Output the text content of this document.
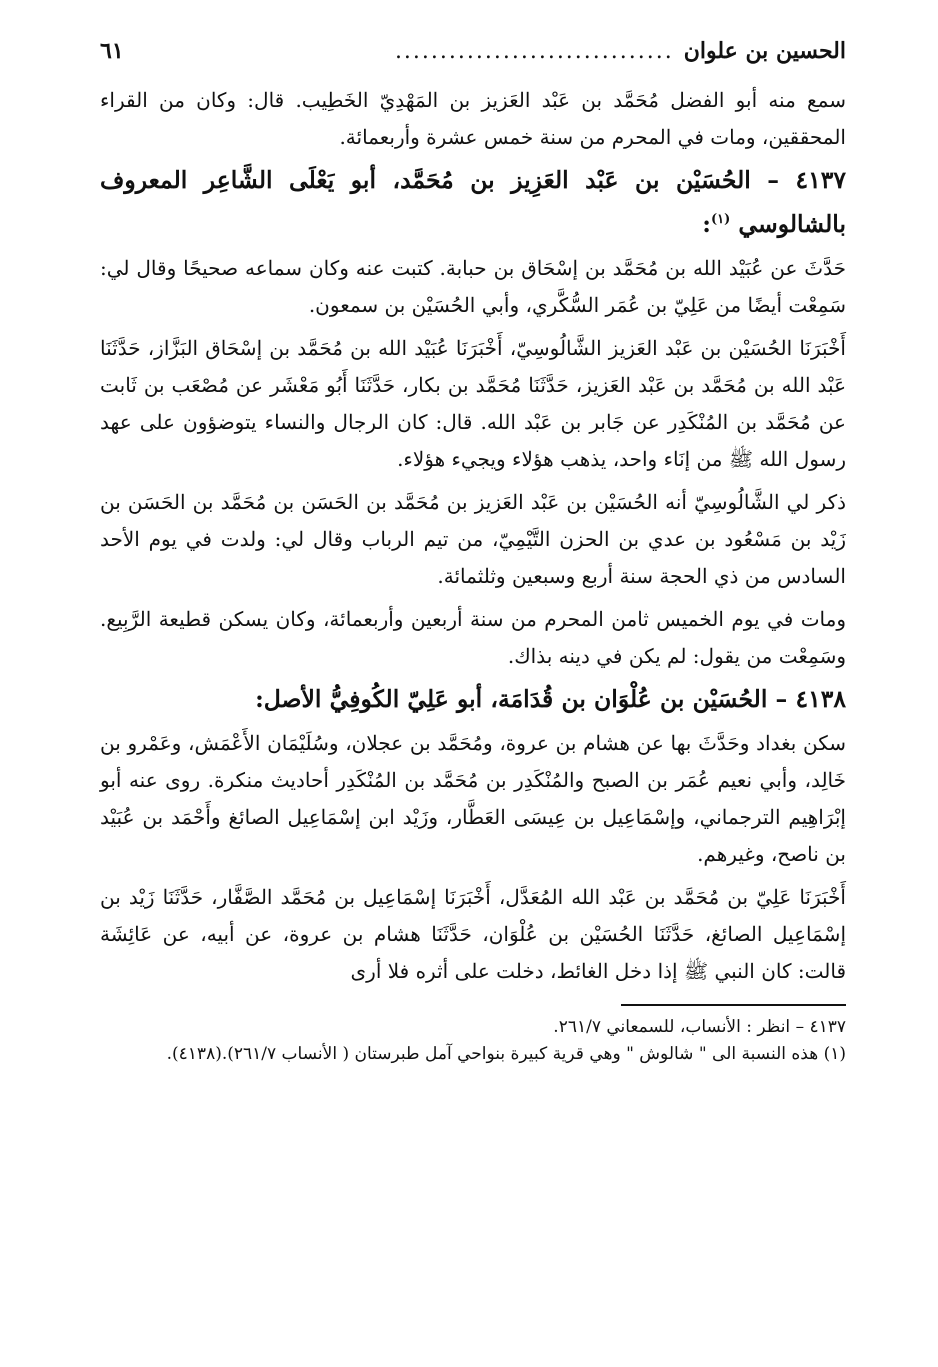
الحسين بن علوان
...............................
٦١

سمع منه أبو الفضل مُحَمَّد بن عَبْد العَزيز بن المَهْدِيّ الخَطِيب. قال: وكان من القراء المحققين، ومات في المحرم من سنة خمس عشرة وأربعمائة.

٤١٣٧ – الحُسَيْن بن عَبْد العَزِيز بن مُحَمَّد، أبو يَعْلَى الشَّاعِر المعروف بالشالوسي $^{(١)}$:

حَدَّثَ عن عُبَيْد الله بن مُحَمَّد بن إسْحَاق بن حبابة. كتبت عنه وكان سماعه صحيحًا وقال لي: سَمِعْت أيضًا من عَلِيّ بن عُمَر السُّكَّري، وأبي الحُسَيْن بن سمعون.

أَخْبَرَنَا الحُسَيْن بن عَبْد العَزيز الشَّالُوسِيّ، أَخْبَرَنَا عُبَيْد الله بن مُحَمَّد بن إسْحَاق البَزَّاز، حَدَّثَنَا عَبْد الله بن مُحَمَّد بن عَبْد العَزيز، حَدَّثَنَا مُحَمَّد بن بكار، حَدَّثَنَا أَبُو مَعْشَر عن مُصْعَب بن ثَابت عن مُحَمَّد بن المُنْكَدِر عن جَابر بن عَبْد الله. قال: كان الرجال والنساء يتوضؤون على عهد رسول الله ﷺ من إنَاء واحد، يذهب هؤلاء ويجيء هؤلاء.

ذكر لي الشَّالُوسِيّ أنه الحُسَيْن بن عَبْد العَزيز بن مُحَمَّد بن الحَسَن بن مُحَمَّد بن الحَسَن بن زَيْد بن مَسْعُود بن عدي بن الحزن التَّيْمِيّ، من تيم الرباب وقال لي: ولدت في يوم الأحد السادس من ذي الحجة سنة أربع وسبعين وثلثمائة.

ومات في يوم الخميس ثامن المحرم من سنة أربعين وأربعمائة، وكان يسكن قطيعة الرَّبِيع. وسَمِعْت من يقول: لم يكن في دينه بذاك.

٤١٣٨ – الحُسَيْن بن عُلْوَان بن قُدَامَة، أبو عَلِيّ الكُوفِيُّ الأصل:

سكن بغداد وحَدَّثَ بها عن هشام بن عروة، ومُحَمَّد بن عجلان، وسُلَيْمَان الأَعْمَش، وعَمْرو بن خَالِد، وأبي نعيم عُمَر بن الصبح والمُنْكَدِر بن مُحَمَّد بن المُنْكَدِر أحاديث منكرة. روى عنه أبو إبْرَاهِيم الترجماني، وإسْمَاعِيل بن عِيسَى العَطَّار، وزَيْد ابن إسْمَاعِيل الصائغ وأَحْمَد بن عُبَيْد بن ناصح، وغيرهم.

أَخْبَرَنَا عَلِيّ بن مُحَمَّد بن عَبْد الله المُعَدَّل، أَخْبَرَنَا إسْمَاعِيل بن مُحَمَّد الصَّفَّار، حَدَّثَنَا زَيْد بن إسْمَاعِيل الصائغ، حَدَّثَنَا الحُسَيْن بن عُلْوَان، حَدَّثَنَا هشام بن عروة، عن أبيه، عن عَائِشَة قالت: كان النبي ﷺ إذا دخل الغائط، دخلت على أثره فلا أرى

٤١٣٧ – انظر : الأنساب، للسمعاني ٢٦١/٧.

(١) هذه النسبة الى " شالوش " وهي قرية كبيرة بنواحي آمل طبرستان ( الأنساب ٢٦١/٧).(٤١٣٨).
